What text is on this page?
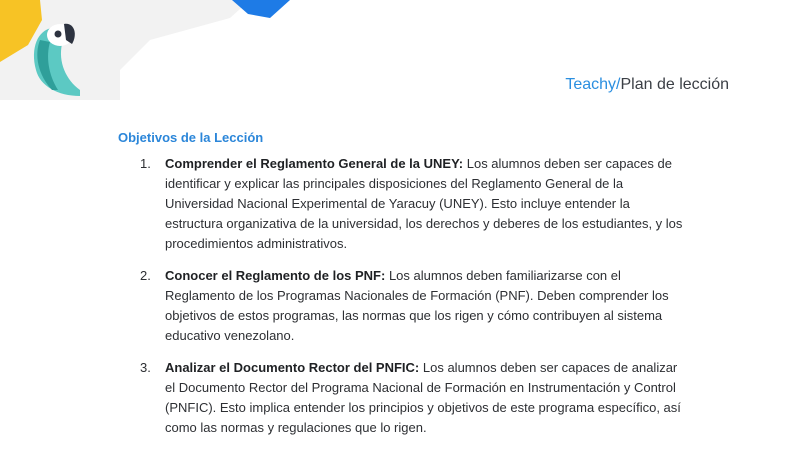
Teachy/Plan de lección
Objetivos de la Lección
1. Comprender el Reglamento General de la UNEY: Los alumnos deben ser capaces de identificar y explicar las principales disposiciones del Reglamento General de la Universidad Nacional Experimental de Yaracuy (UNEY). Esto incluye entender la estructura organizativa de la universidad, los derechos y deberes de los estudiantes, y los procedimientos administrativos.
2. Conocer el Reglamento de los PNF: Los alumnos deben familiarizarse con el Reglamento de los Programas Nacionales de Formación (PNF). Deben comprender los objetivos de estos programas, las normas que los rigen y cómo contribuyen al sistema educativo venezolano.
3. Analizar el Documento Rector del PNFIC: Los alumnos deben ser capaces de analizar el Documento Rector del Programa Nacional de Formación en Instrumentación y Control (PNFIC). Esto implica entender los principios y objetivos de este programa específico, así como las normas y regulaciones que lo rigen.
